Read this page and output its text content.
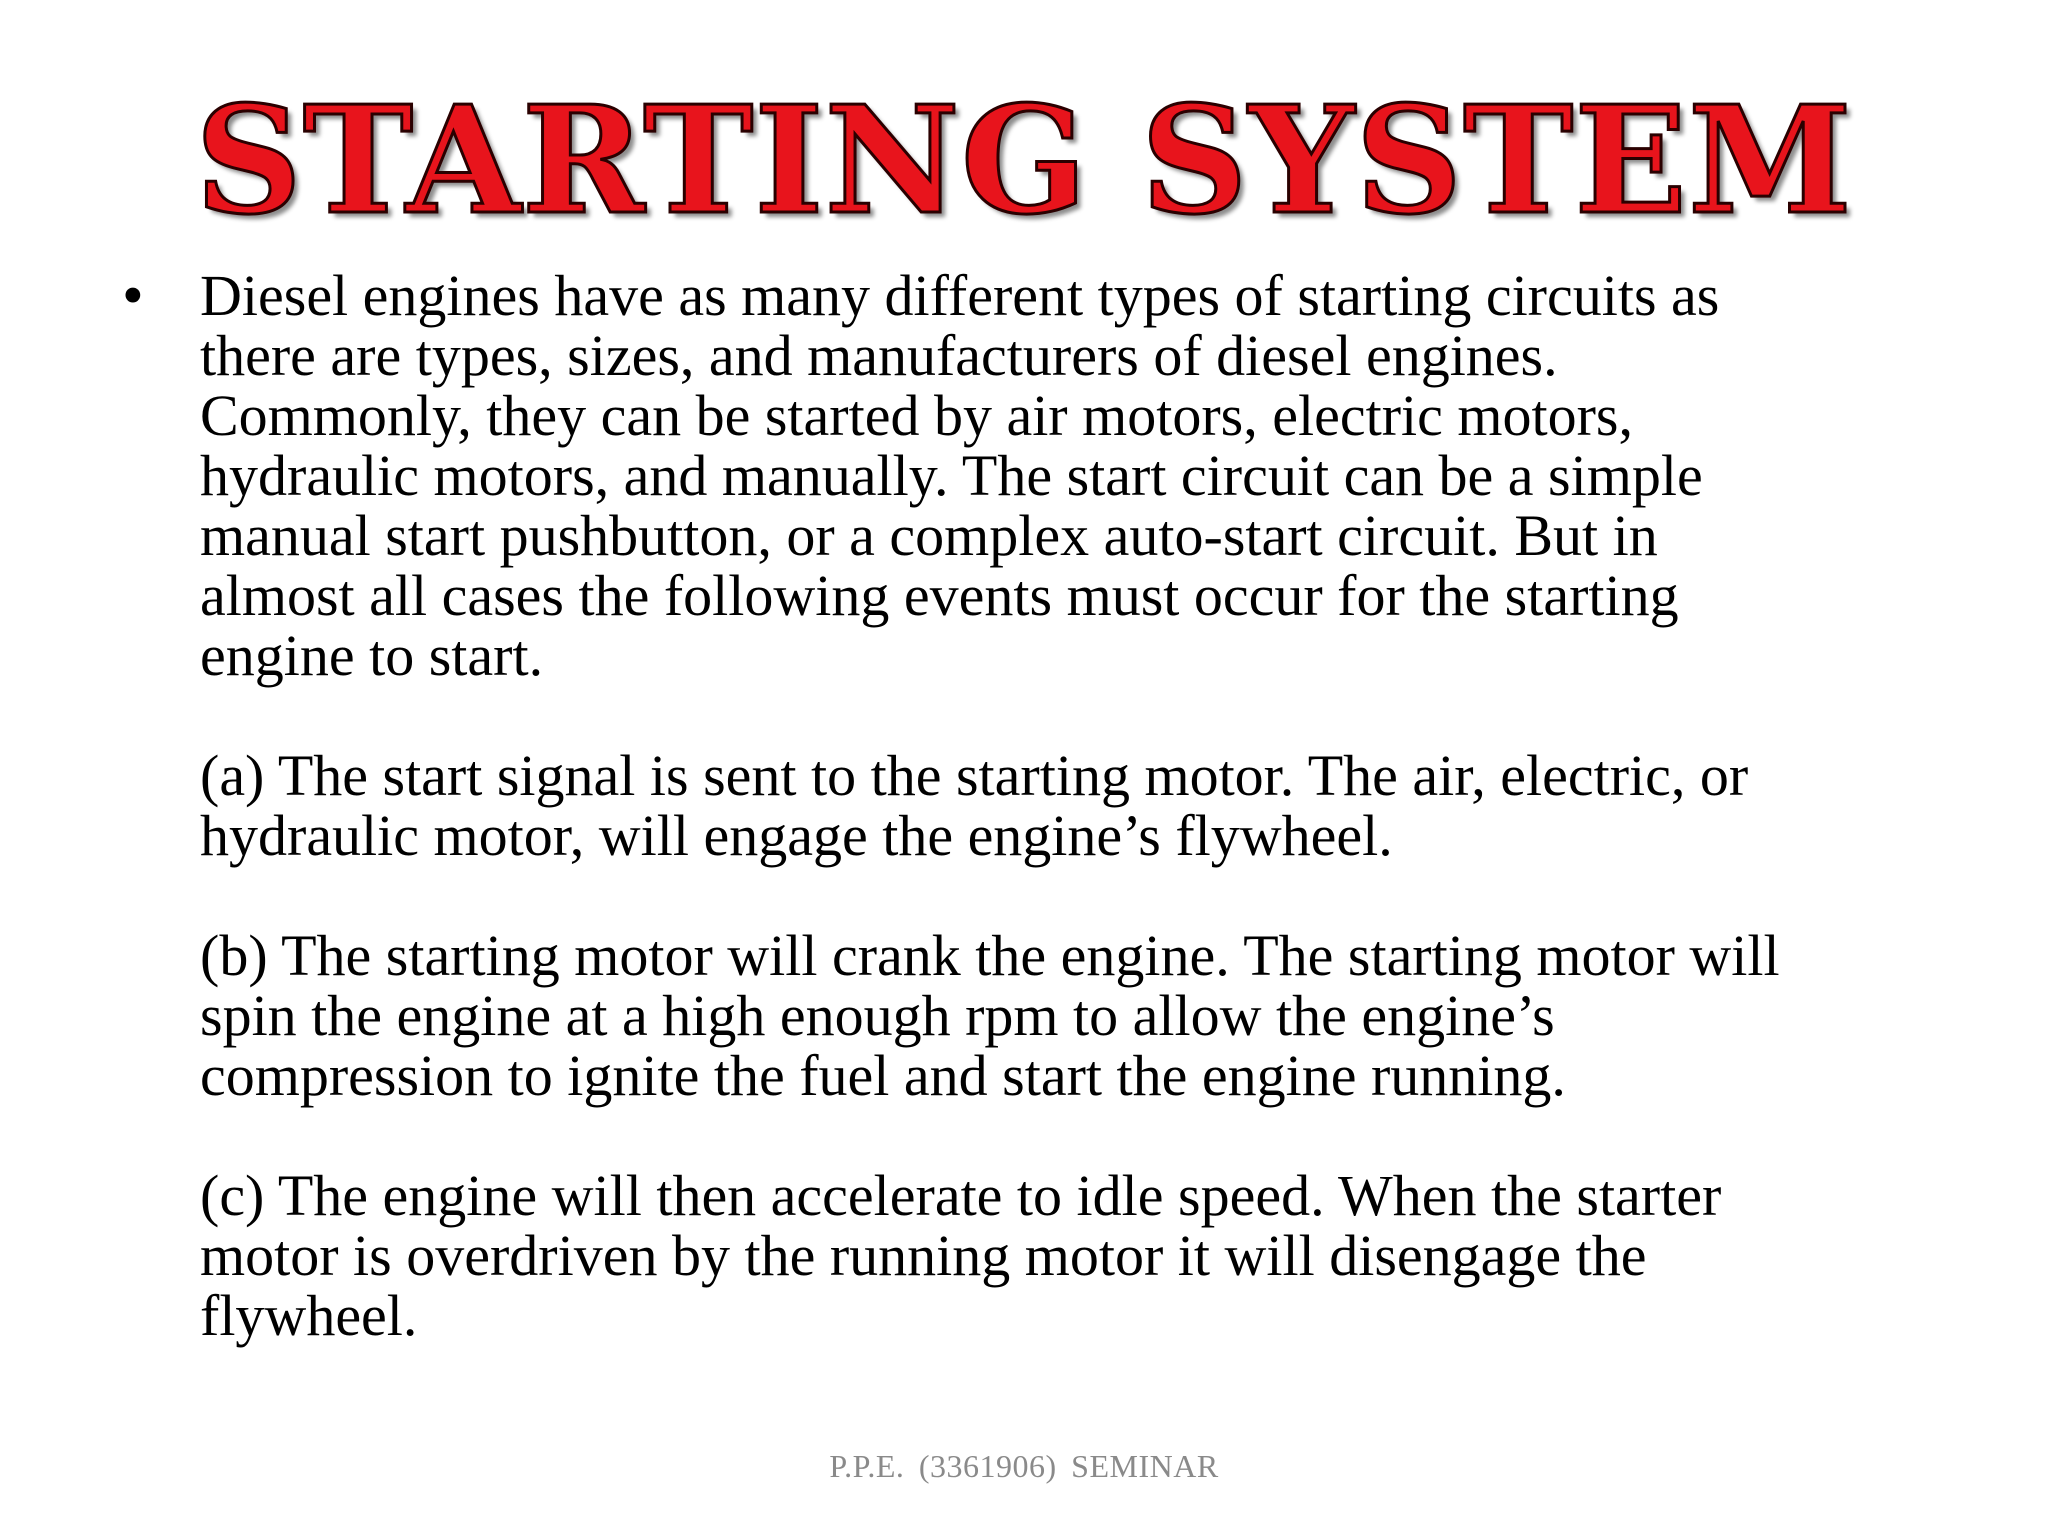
STARTING SYSTEM
• Diesel engines have as many different types of starting circuits as
there are types, sizes, and manufacturers of diesel engines.
Commonly, they can be started by air motors, electric motors,
hydraulic motors, and manually. The start circuit can be a simple
manual start pushbutton, or a complex auto-start circuit. But in
almost all cases the following events must occur for the starting
engine to start.

(a) The start signal is sent to the starting motor. The air, electric, or
hydraulic motor, will engage the engine’s flywheel.

(b) The starting motor will crank the engine. The starting motor will
spin the engine at a high enough rpm to allow the engine’s
compression to ignite the fuel and start the engine running.

(c) The engine will then accelerate to idle speed. When the starter
motor is overdriven by the running motor it will disengage the
flywheel.

P.P.E. (3361906) SEMINAR
